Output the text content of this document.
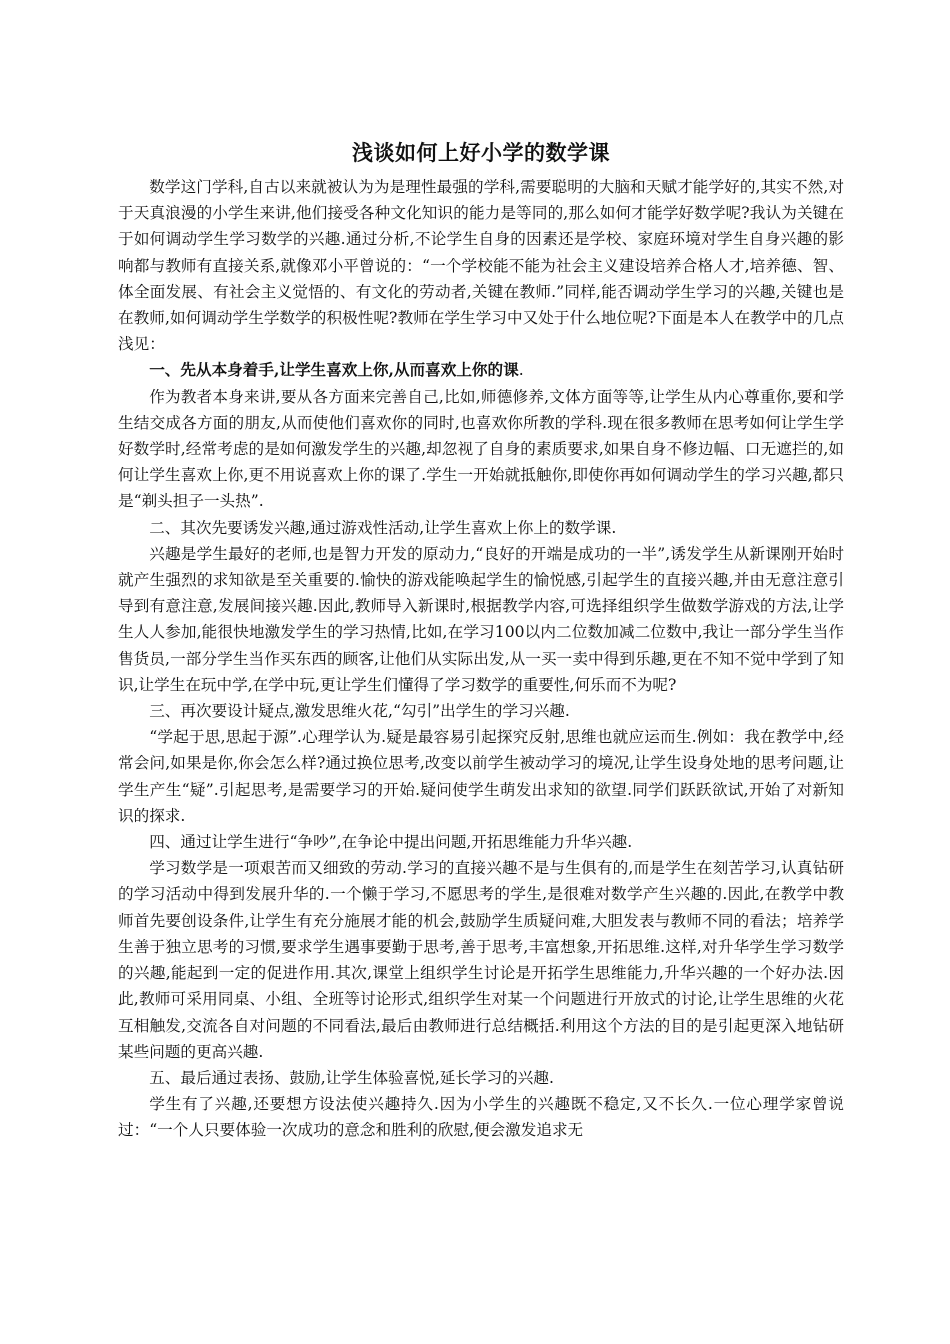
浅谈如何上好小学的数学课

数学这门学科,自古以来就被认为为是理性最强的学科,需要聪明的大脑和天赋才能学好的,其实不然,对于天真浪漫的小学生来讲,他们接受各种文化知识的能力是等同的,那么如何才能学好数学呢?我认为关键在于如何调动学生学习数学的兴趣.通过分析,不论学生自身的因素还是学校、家庭环境对学生自身兴趣的影响都与教师有直接关系,就像邓小平曾说的：“一个学校能不能为社会主义建设培养合格人才,培养德、智、体全面发展、有社会主义觉悟的、有文化的劳动者,关键在教师.”同样,能否调动学生学习的兴趣,关键也是在教师,如何调动学生学数学的积极性呢?教师在学生学习中又处于什么地位呢?下面是本人在教学中的几点浅见：

一、先从本身着手,让学生喜欢上你,从而喜欢上你的课.

作为教者本身来讲,要从各方面来完善自己,比如,师德修养,文体方面等等,让学生从内心尊重你,要和学生结交成各方面的朋友,从而使他们喜欢你的同时,也喜欢你所教的学科.现在很多教师在思考如何让学生学好数学时,经常考虑的是如何激发学生的兴趣,却忽视了自身的素质要求,如果自身不修边幅、口无遮拦的,如何让学生喜欢上你,更不用说喜欢上你的课了.学生一开始就抵触你,即使你再如何调动学生的学习兴趣,都只是“剃头担子一头热”.

二、其次先要诱发兴趣,通过游戏性活动,让学生喜欢上你上的数学课.

兴趣是学生最好的老师,也是智力开发的原动力,“良好的开端是成功的一半”,诱发学生从新课刚开始时就产生强烈的求知欲是至关重要的.愉快的游戏能唤起学生的愉悦感,引起学生的直接兴趣,并由无意注意引导到有意注意,发展间接兴趣.因此,教师导入新课时,根据教学内容,可选择组织学生做数学游戏的方法,让学生人人参加,能很快地激发学生的学习热情,比如,在学习100以内二位数加减二位数中,我让一部分学生当作售货员,一部分学生当作买东西的顾客,让他们从实际出发,从一买一卖中得到乐趣,更在不知不觉中学到了知识,让学生在玩中学,在学中玩,更让学生们懂得了学习数学的重要性,何乐而不为呢?

三、再次要设计疑点,激发思维火花,“勾引”出学生的学习兴趣.

“学起于思,思起于源”.心理学认为.疑是最容易引起探究反射,思维也就应运而生.例如：我在教学中,经常会问,如果是你,你会怎么样?通过换位思考,改变以前学生被动学习的境况,让学生设身处地的思考问题,让学生产生“疑”.引起思考,是需要学习的开始.疑问使学生萌发出求知的欲望.同学们跃跃欲试,开始了对新知识的探求.

四、通过让学生进行“争吵”,在争论中提出问题,开拓思维能力升华兴趣.

学习数学是一项艰苦而又细致的劳动.学习的直接兴趣不是与生俱有的,而是学生在刻苦学习,认真钻研的学习活动中得到发展升华的.一个懒于学习,不愿思考的学生,是很难对数学产生兴趣的.因此,在教学中教师首先要创设条件,让学生有充分施展才能的机会,鼓励学生质疑问难,大胆发表与教师不同的看法；培养学生善于独立思考的习惯,要求学生遇事要勤于思考,善于思考,丰富想象,开拓思维.这样,对升华学生学习数学的兴趣,能起到一定的促进作用.其次,课堂上组织学生讨论是开拓学生思维能力,升华兴趣的一个好办法.因此,教师可采用同桌、小组、全班等讨论形式,组织学生对某一个问题进行开放式的讨论,让学生思维的火花互相触发,交流各自对问题的不同看法,最后由教师进行总结概括.利用这个方法的目的是引起更深入地钻研某些问题的更高兴趣.

五、最后通过表扬、鼓励,让学生体验喜悦,延长学习的兴趣.

学生有了兴趣,还要想方设法使兴趣持久.因为小学生的兴趣既不稳定,又不长久.一位心理学家曾说过：“一个人只要体验一次成功的意念和胜利的欣慰,便会激发追求无
